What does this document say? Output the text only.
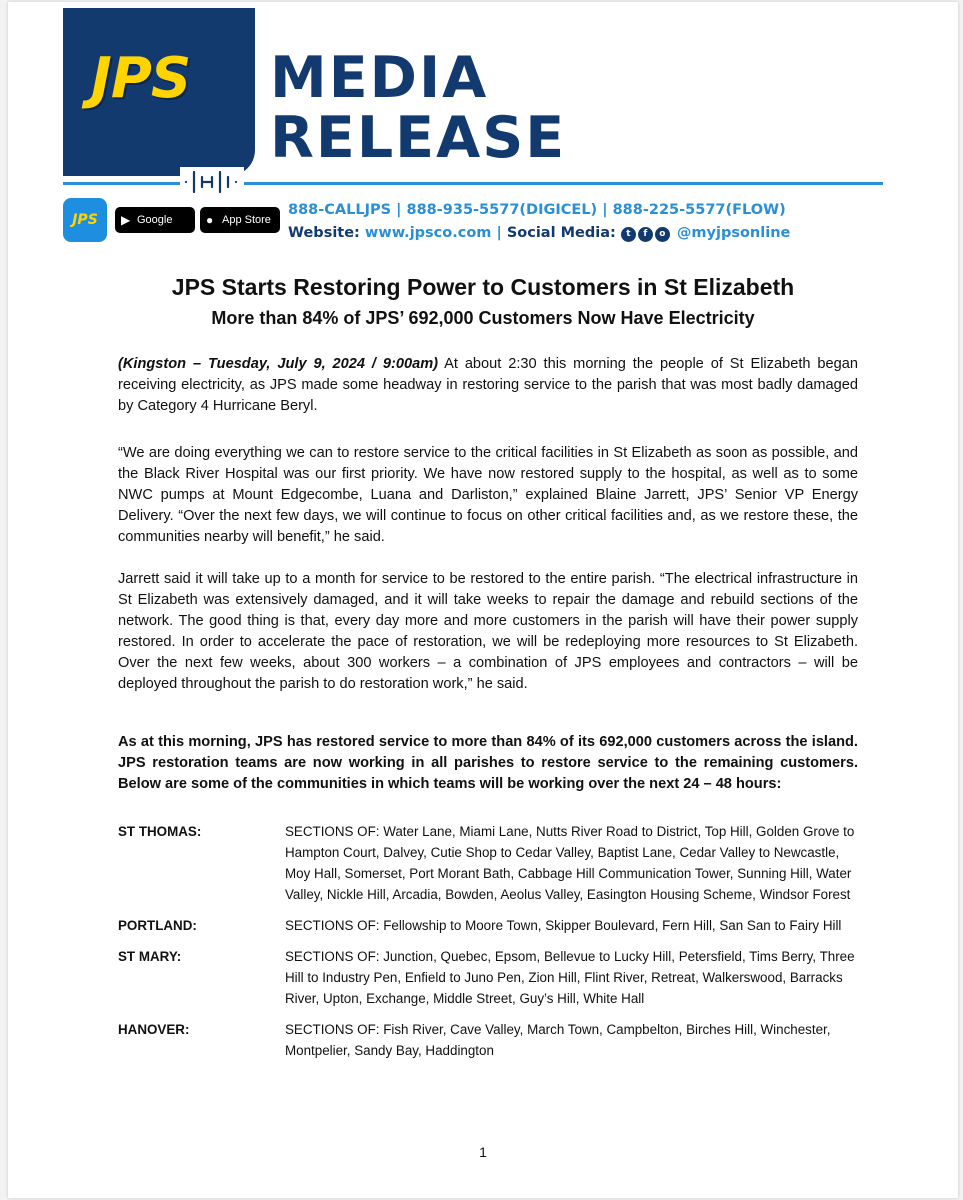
JPS MEDIA
RELEASE
JPS	▶ Google Play
● App Store
888-CALLJPS | 888-935-5577(DIGICEL) | 888-225-5577(FLOW)
Website: www.jpsco.com | Social Media: t f o @myjpsonline
JPS Starts Restoring Power to Customers in St Elizabeth
More than 84% of JPS’ 692,000 Customers Now Have Electricity
(Kingston – Tuesday, July 9, 2024 / 9:00am) At about 2:30 this morning the people of St Elizabeth began receiving electricity, as JPS made some headway in restoring service to the parish that was most badly damaged by Category 4 Hurricane Beryl.
“We are doing everything we can to restore service to the critical facilities in St Elizabeth as soon as possible, and the Black River Hospital was our first priority. We have now restored supply to the hospital, as well as to some NWC pumps at Mount Edgecombe, Luana and Darliston,” explained Blaine Jarrett, JPS’ Senior VP Energy Delivery. “Over the next few days, we will continue to focus on other critical facilities and, as we restore these, the communities nearby will benefit,” he said.
Jarrett said it will take up to a month for service to be restored to the entire parish. “The electrical infrastructure in St Elizabeth was extensively damaged, and it will take weeks to repair the damage and rebuild sections of the network. The good thing is that, every day more and more customers in the parish will have their power supply restored. In order to accelerate the pace of restoration, we will be redeploying more resources to St Elizabeth. Over the next few weeks, about 300 workers – a combination of JPS employees and contractors – will be deployed throughout the parish to do restoration work,” he said.
As at this morning, JPS has restored service to more than 84% of its 692,000 customers across the island. JPS restoration teams are now working in all parishes to restore service to the remaining customers. Below are some of the communities in which teams will be working over the next 24 – 48 hours:
ST THOMAS:	SECTIONS OF: Water Lane, Miami Lane, Nutts River Road to District, Top Hill, Golden Grove to Hampton Court, Dalvey, Cutie Shop to Cedar Valley, Baptist Lane, Cedar Valley to Newcastle, Moy Hall, Somerset, Port Morant Bath, Cabbage Hill Communication Tower, Sunning Hill, Water Valley, Nickle Hill, Arcadia, Bowden, Aeolus Valley, Easington Housing Scheme, Windsor Forest
PORTLAND:	SECTIONS OF: Fellowship to Moore Town, Skipper Boulevard, Fern Hill, San San to Fairy Hill
ST MARY:	SECTIONS OF: Junction, Quebec, Epsom, Bellevue to Lucky Hill, Petersfield, Tims Berry, Three Hill to Industry Pen, Enfield to Juno Pen, Zion Hill, Flint River, Retreat, Walkerswood, Barracks River, Upton, Exchange, Middle Street, Guy’s Hill, White Hall
HANOVER:	SECTIONS OF: Fish River, Cave Valley, March Town, Campbelton, Birches Hill, Winchester, Montpelier, Sandy Bay, Haddington
1
